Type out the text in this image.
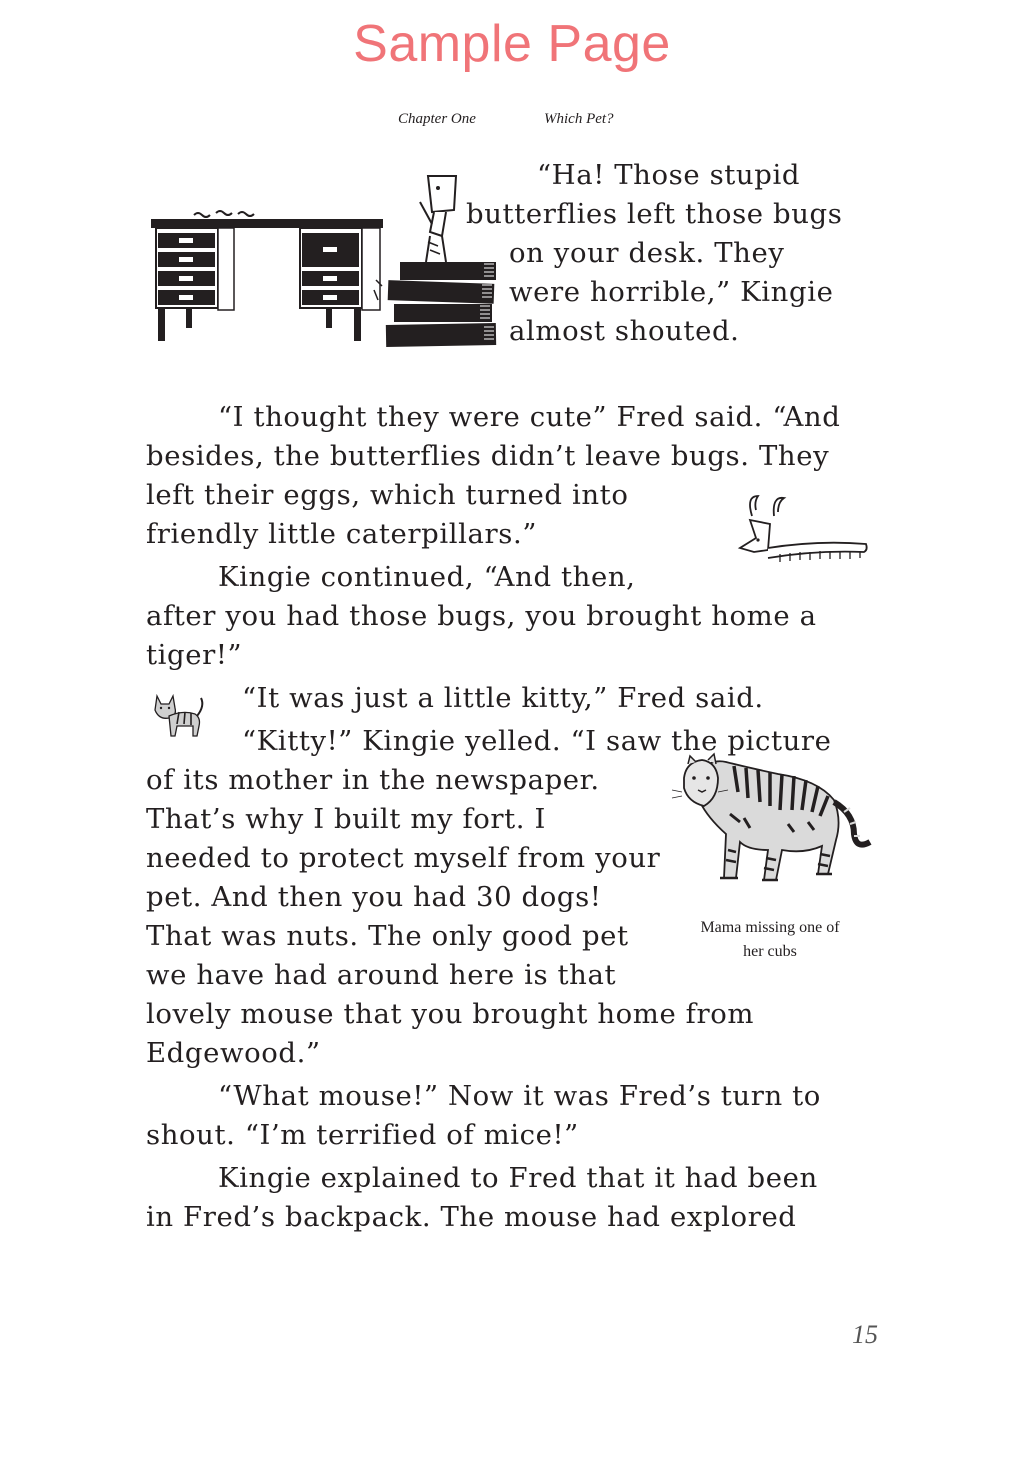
Sample Page
Chapter One	Which Pet?
“Ha! Those stupid
butterflies left those bugs
on your desk. They
were horrible,” Kingie
almost shouted.
“I thought they were cute” Fred said. “And
besides, the butterflies didn’t leave bugs. They
left their eggs, which turned into
friendly little caterpillars.”
Kingie continued, “And then,
after you had those bugs, you brought home a
tiger!”
“It was just a little kitty,” Fred said.
“Kitty!” Kingie yelled. “I saw the picture
of its mother in the newspaper.
That’s why I built my fort. I
needed to protect myself from your
pet. And then you had 30 dogs!
That was nuts. The only good pet
we have had around here is that
lovely mouse that you brought home from
Edgewood.”
“What mouse!” Now it was Fred’s turn to
shout. “I’m terrified of mice!”
Kingie explained to Fred that it had been
in Fred’s backpack. The mouse had explored
Mama missing one of
her cubs
15
